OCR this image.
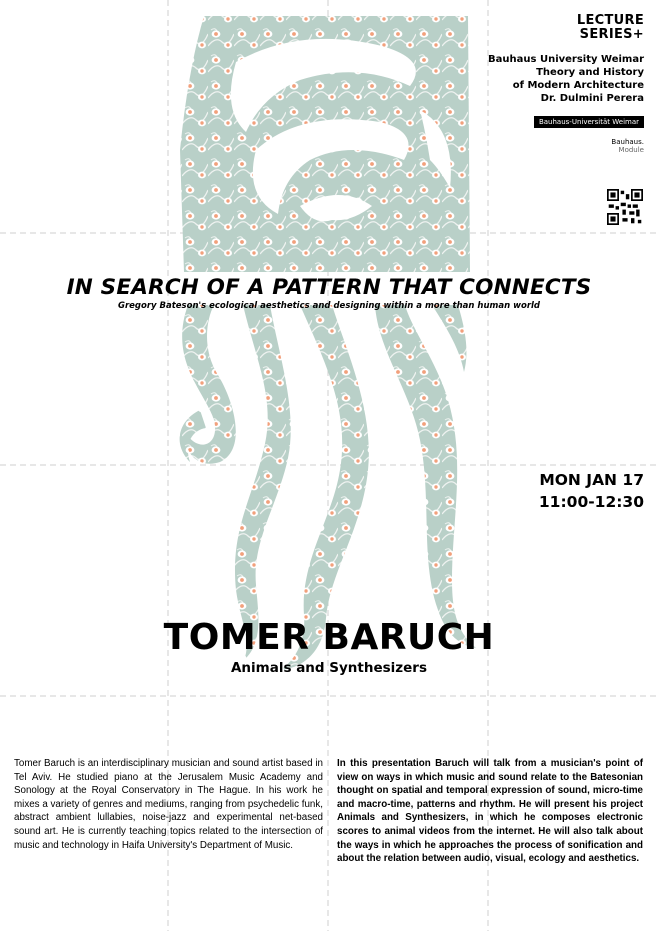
LECTURE
SERIES+
Bauhaus University Weimar
Theory and History
of Modern Architecture
Dr. Dulmini Perera
Bauhaus-Universität Weimar
Bauhaus.
Module
IN SEARCH OF A PATTERN THAT CONNECTS
Gregory Bateson's ecological aesthetics and designing within a more than human world
MON JAN 17
11:00-12:30
TOMER BARUCH
Animals and Synthesizers

Tomer Baruch is an interdisciplinary musician and sound artist based in Tel Aviv. He studied piano at the Jerusalem Music Academy and Sonology at the Royal Conservatory in The Hague. In his work he mixes a variety of genres and mediums, ranging from psychedelic funk, abstract ambient lullabies, noise-jazz and experimental net-based sound art. He is currently teaching topics related to the intersection of music and technology in Haifa University's Department of Music.

In this presentation Baruch will talk from a musician's point of view on ways in which music and sound relate to the Batesonian thought on spatial and temporal expression of sound, micro-time and macro-time, patterns and rhythm. He will present his project Animals and Synthesizers, in which he composes electronic scores to animal videos from the internet. He will also talk about the ways in which he approaches the process of sonification and about the relation between audio, visual, ecology and aesthetics.
